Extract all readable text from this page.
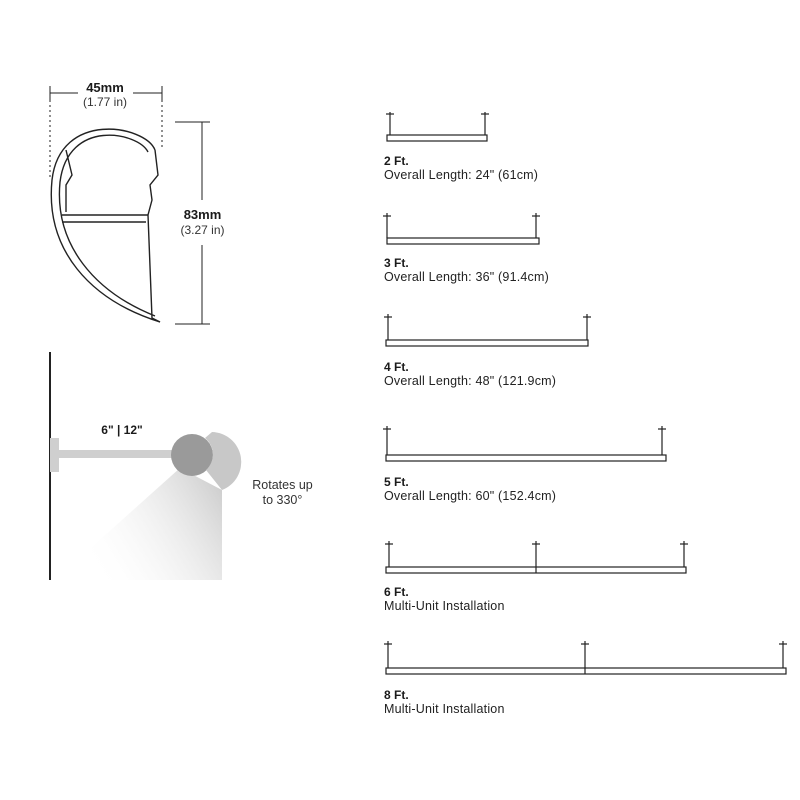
45mm
(1.77 in)
83mm
(3.27 in)
6" | 12"
Rotates up
to 330°
2 Ft.
Overall Length: 24" (61cm)
3 Ft.
Overall Length: 36" (91.4cm)
4 Ft.
Overall Length: 48" (121.9cm)
5 Ft.
Overall Length: 60" (152.4cm)
6 Ft.
Multi-Unit Installation
8 Ft.
Multi-Unit Installation
